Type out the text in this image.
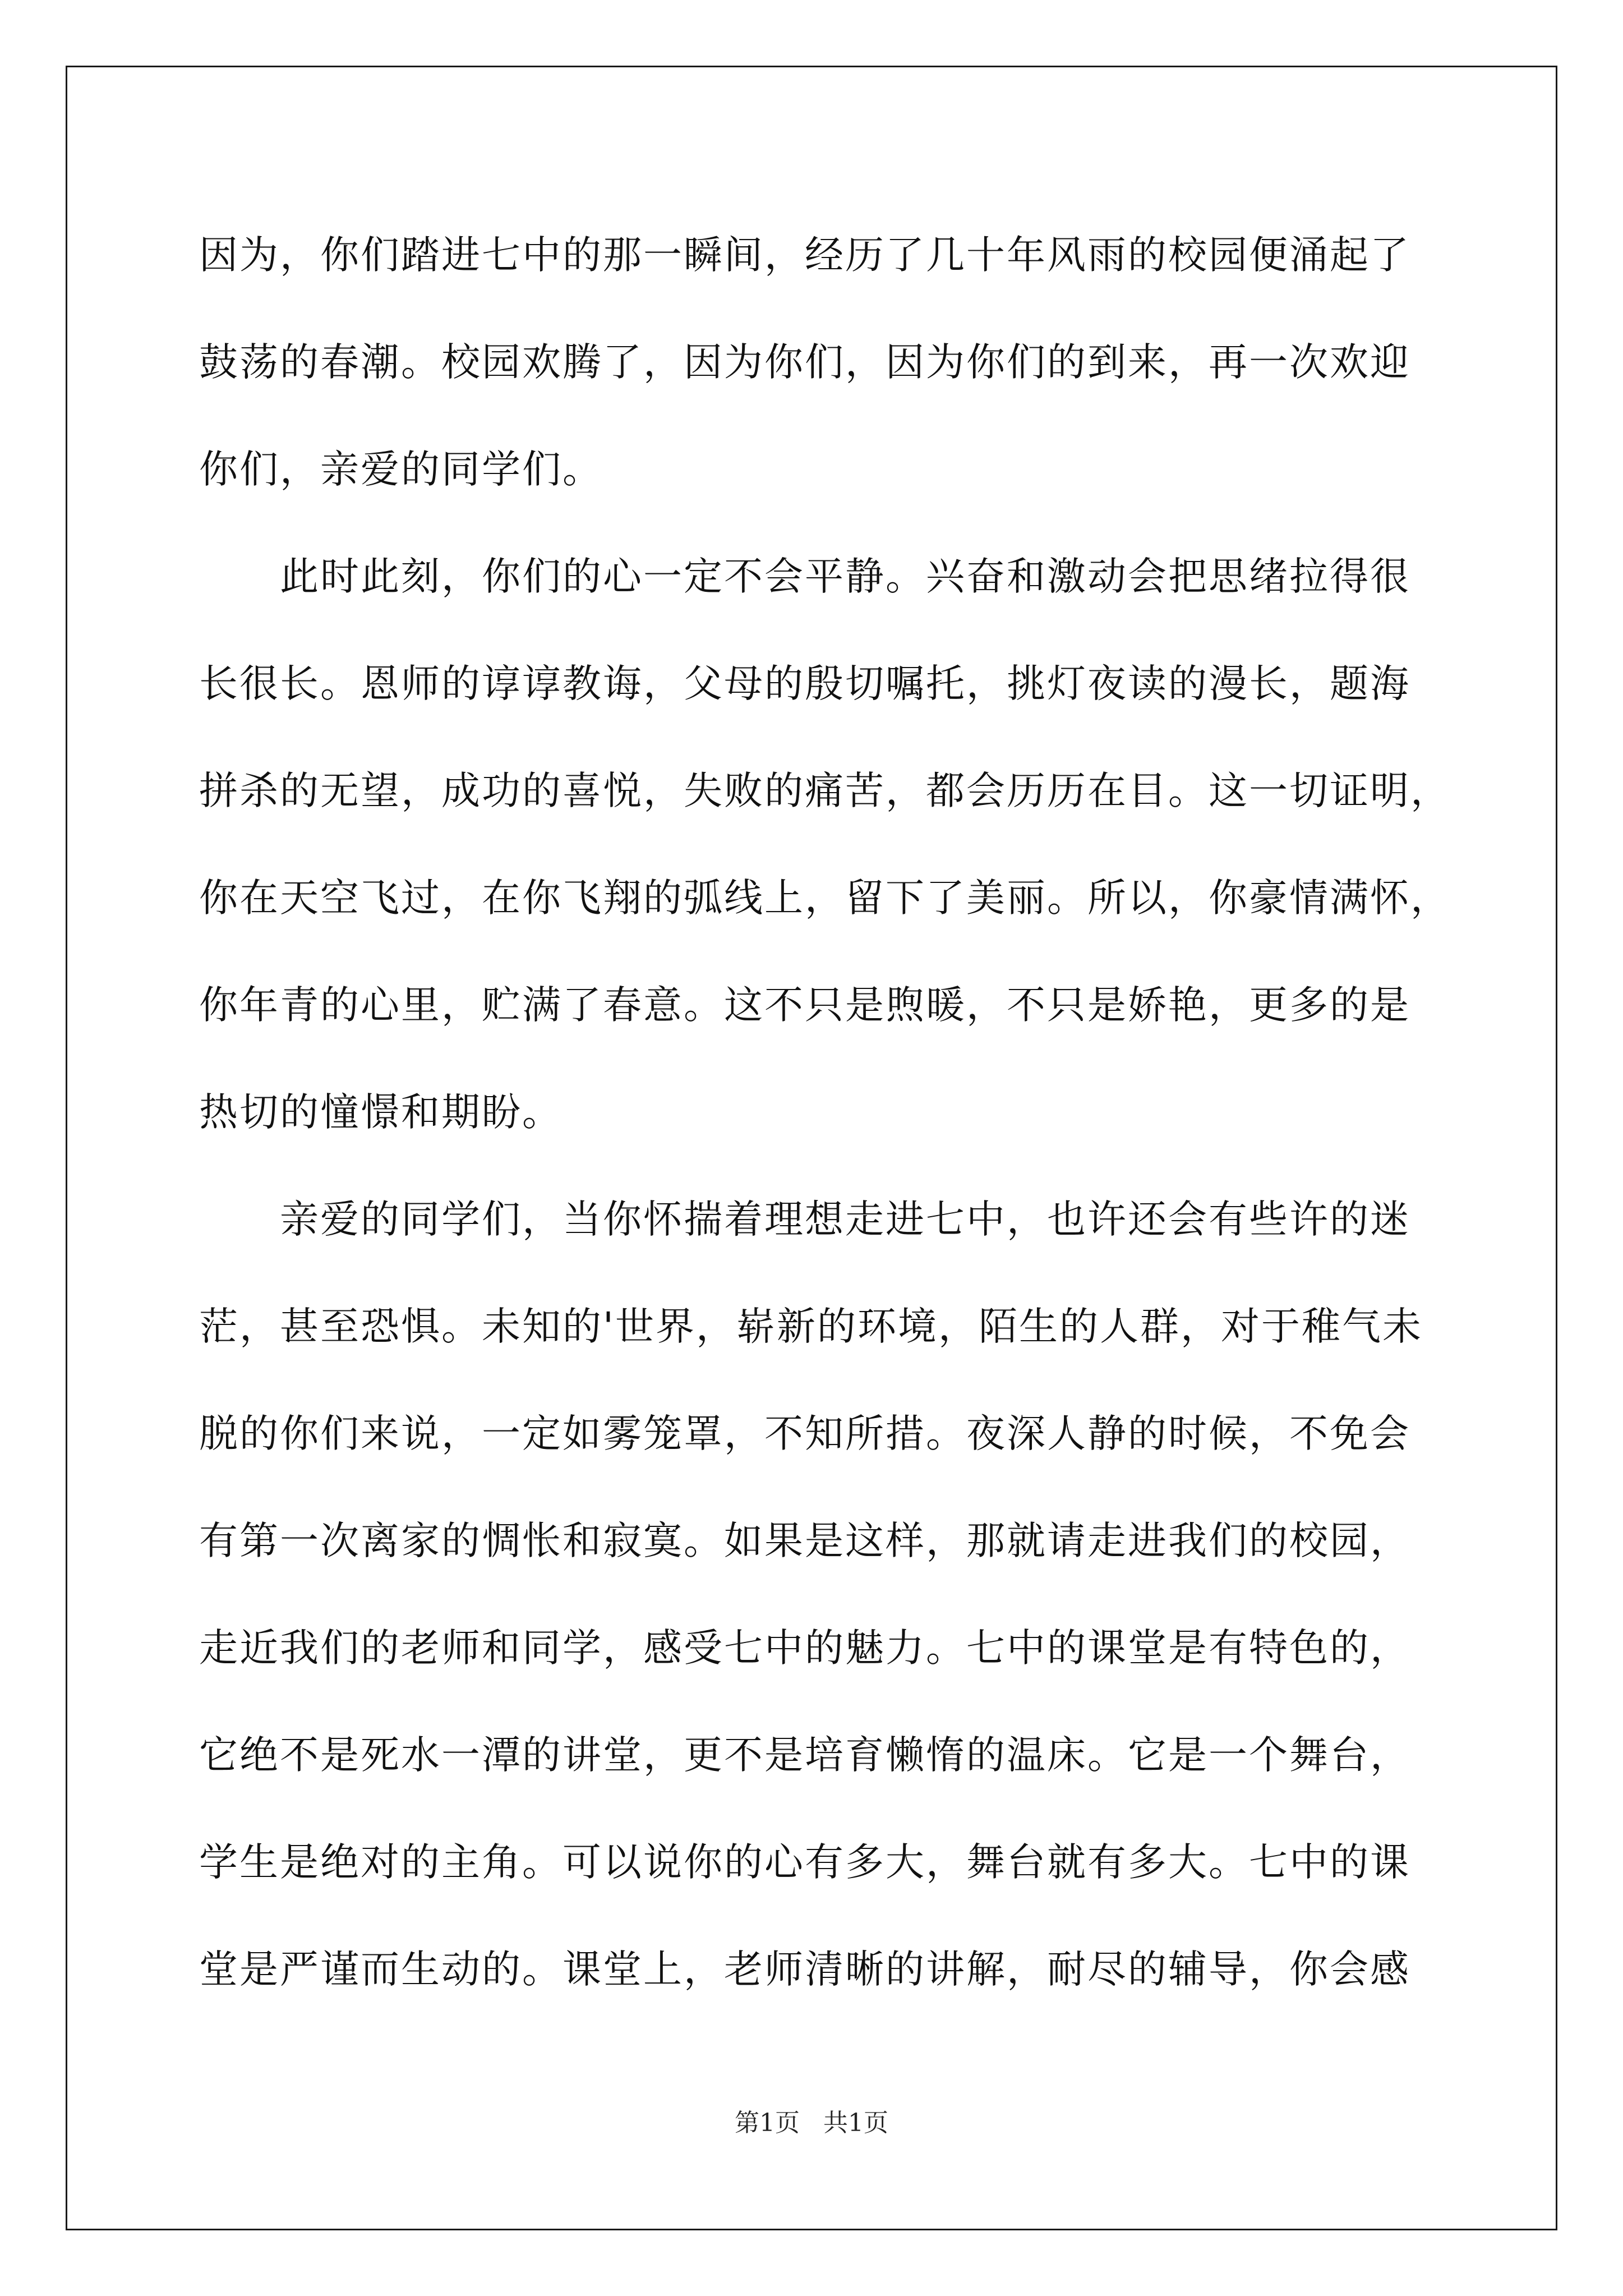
因为，你们踏进七中的那一瞬间，经历了几十年风雨的校园便涌起了
鼓荡的春潮。校园欢腾了，因为你们，因为你们的到来，再一次欢迎
你们，亲爱的同学们。
　　此时此刻，你们的心一定不会平静。兴奋和激动会把思绪拉得很
长很长。恩师的谆谆教诲，父母的殷切嘱托，挑灯夜读的漫长，题海
拼杀的无望，成功的喜悦，失败的痛苦，都会历历在目。这一切证明，
你在天空飞过，在你飞翔的弧线上，留下了美丽。所以，你豪情满怀，
你年青的心里，贮满了春意。这不只是煦暖，不只是娇艳，更多的是
热切的憧憬和期盼。
　　亲爱的同学们，当你怀揣着理想走进七中，也许还会有些许的迷
茫，甚至恐惧。未知的'世界，崭新的环境，陌生的人群，对于稚气未
脱的你们来说，一定如雾笼罩，不知所措。夜深人静的时候，不免会
有第一次离家的惆怅和寂寞。如果是这样，那就请走进我们的校园，
走近我们的老师和同学，感受七中的魅力。七中的课堂是有特色的，
它绝不是死水一潭的讲堂，更不是培育懒惰的温床。它是一个舞台，
学生是绝对的主角。可以说你的心有多大，舞台就有多大。七中的课
堂是严谨而生动的。课堂上，老师清晰的讲解，耐尽的辅导，你会感
第1页 共1页
